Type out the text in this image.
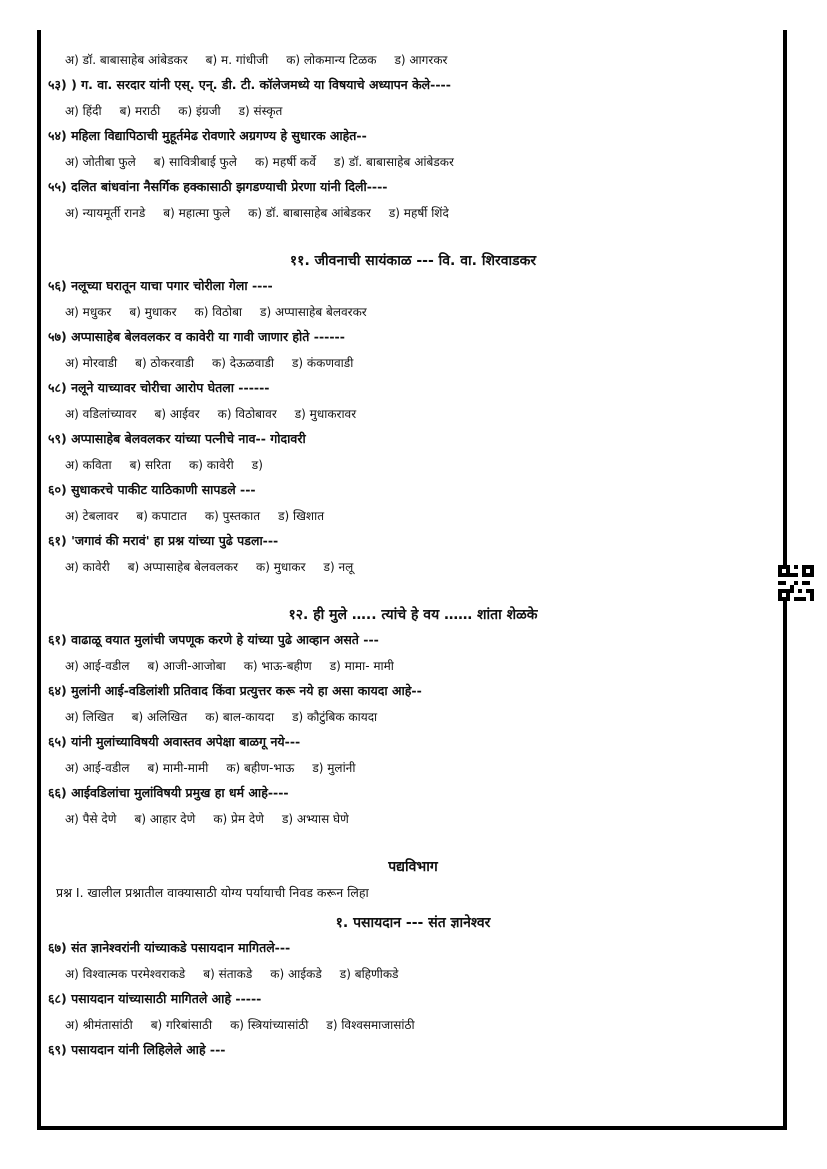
अ) डॉ. बाबासाहेब आंबेडकर ब) म. गांधीजी क) लोकमान्य टिळक ड) आगरकर
५३) ) ग. वा. सरदार यांनी एस्. एन्. डी. टी. कॉलेजमध्ये या विषयाचे अध्यापन केले----
अ) हिंदी ब) मराठी क) इंग्रजी ड) संस्कृत
५४) महिला विद्यापिठाची मुहूर्तमेढ रोवणारे अग्रगण्य हे सुधारक आहेत--
अ) जोतीबा फुले ब) सावित्रीबाई फुले क) महर्षी कर्वे ड) डॉ. बाबासाहेब आंबेडकर
५५) दलित बांधवांना नैसर्गिक हक्कासाठी झगडण्याची प्रेरणा यांनी दिली----
अ) न्यायमूर्ती रानडे ब) महात्मा फुले क) डॉ. बाबासाहेब आंबेडकर ड) महर्षी शिंदे
११. जीवनाची सायंकाळ --- वि. वा. शिरवाडकर
५६) नलूच्या घरातून याचा पगार चोरीला गेला ----
अ) मधुकर ब) मुधाकर क) विठोबा ड) अप्पासाहेब बेलवरकर
५७) अप्पासाहेब बेलवलकर व कावेरी या गावी जाणार होते ------
अ) मोरवाडी ब) ठोकरवाडी क) देऊळवाडी ड) कंकणवाडी
५८) नलूने याच्यावर चोरीचा आरोप घेतला ------
अ) वडिलांच्यावर ब) आईवर क) विठोबावर ड) मुधाकरावर
५९) अप्पासाहेब बेलवलकर यांच्या पत्नीचे नाव-- गोदावरी
अ) कविता ब) सरिता क) कावेरी ड)
६०) सुधाकरचे पाकीट याठिकाणी सापडले ---
अ) टेबलावर ब) कपाटात क) पुस्तकात ड) खिशात
६१) 'जगावं की मरावं' हा प्रश्न यांच्या पुढे पडला---
अ) कावेरी ब) अप्पासाहेब बेलवलकर क) मुधाकर ड) नलू
१२. ही मुले ….. त्यांचे हे वय …… शांता शेळके
६१) वाढाळू वयात मुलांची जपणूक करणे हे यांच्या पुढे आव्हान असते ---
अ) आई-वडील ब) आजी-आजोबा क) भाऊ-बहीण ड) मामा- मामी
६४) मुलांनी आई-वडिलांशी प्रतिवाद किंवा प्रत्युत्तर करू नये हा असा कायदा आहे--
अ) लिखित ब) अलिखित क) बाल-कायदा ड) कौटुंबिक कायदा
६५) यांनी मुलांच्याविषयी अवास्तव अपेक्षा बाळगू नये---
अ) आई-वडील ब) मामी-मामी क) बहीण-भाऊ ड) मुलांनी
६६) आईवडिलांचा मुलांविषयी प्रमुख हा धर्म आहे----
अ) पैसे देणे ब) आहार देणे क) प्रेम देणे ड) अभ्यास घेणे
पद्यविभाग
प्रश्न I. खालील प्रश्नातील वाक्यासाठी योग्य पर्यायाची निवड करून लिहा
१. पसायदान --- संत ज्ञानेश्वर
६७) संत ज्ञानेश्वरांनी यांच्याकडे पसायदान मागितले---
अ) विश्वात्मक परमेश्वराकडे ब) संताकडे क) आईकडे ड) बहिणीकडे
६८) पसायदान यांच्यासाठी मागितले आहे -----
अ) श्रीमंतासांठी ब) गरिबांसाठी क) स्त्रियांच्यासांठी ड) विश्वसमाजासांठी
६९) पसायदान यांनी लिहिलेले आहे ---
